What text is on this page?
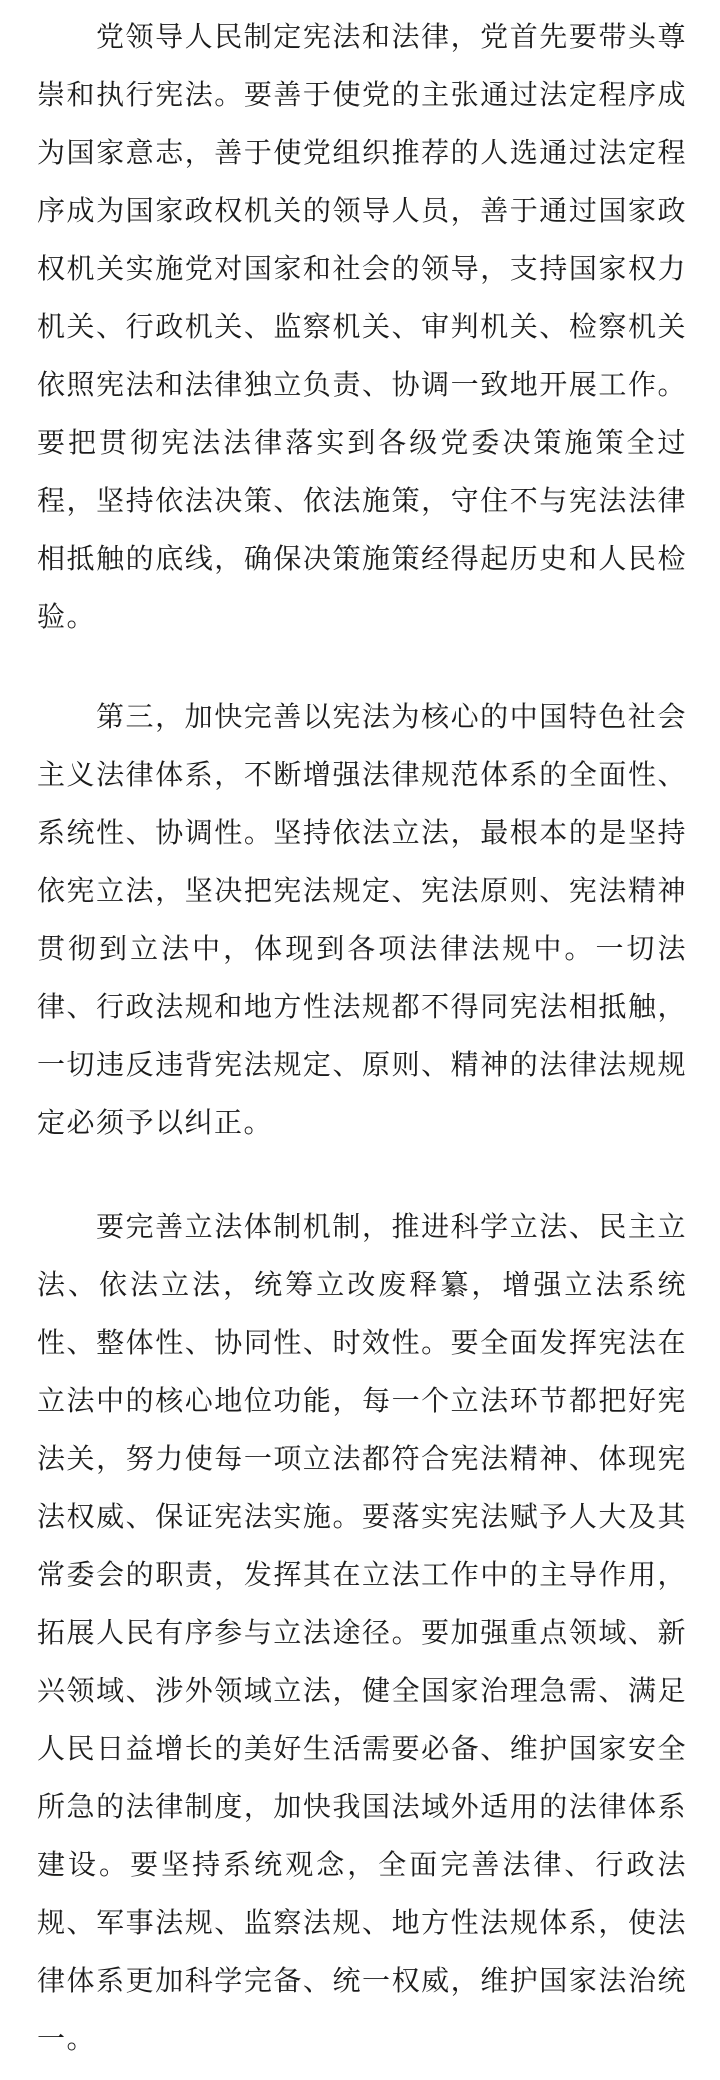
党领导人民制定宪法和法律，党首先要带头尊
崇和执行宪法。要善于使党的主张通过法定程序成
为国家意志，善于使党组织推荐的人选通过法定程
序成为国家政权机关的领导人员，善于通过国家政
权机关实施党对国家和社会的领导，支持国家权力
机关、行政机关、监察机关、审判机关、检察机关
依照宪法和法律独立负责、协调一致地开展工作。
要把贯彻宪法法律落实到各级党委决策施策全过
程，坚持依法决策、依法施策，守住不与宪法法律
相抵触的底线，确保决策施策经得起历史和人民检
验。

第三，加快完善以宪法为核心的中国特色社会
主义法律体系，不断增强法律规范体系的全面性、
系统性、协调性。坚持依法立法，最根本的是坚持
依宪立法，坚决把宪法规定、宪法原则、宪法精神
贯彻到立法中，体现到各项法律法规中。一切法
律、行政法规和地方性法规都不得同宪法相抵触，
一切违反违背宪法规定、原则、精神的法律法规规
定必须予以纠正。

要完善立法体制机制，推进科学立法、民主立
法、依法立法，统筹立改废释纂，增强立法系统
性、整体性、协同性、时效性。要全面发挥宪法在
立法中的核心地位功能，每一个立法环节都把好宪
法关，努力使每一项立法都符合宪法精神、体现宪
法权威、保证宪法实施。要落实宪法赋予人大及其
常委会的职责，发挥其在立法工作中的主导作用，
拓展人民有序参与立法途径。要加强重点领域、新
兴领域、涉外领域立法，健全国家治理急需、满足
人民日益增长的美好生活需要必备、维护国家安全
所急的法律制度，加快我国法域外适用的法律体系
建设。要坚持系统观念，全面完善法律、行政法
规、军事法规、监察法规、地方性法规体系，使法
律体系更加科学完备、统一权威，维护国家法治统
一。
